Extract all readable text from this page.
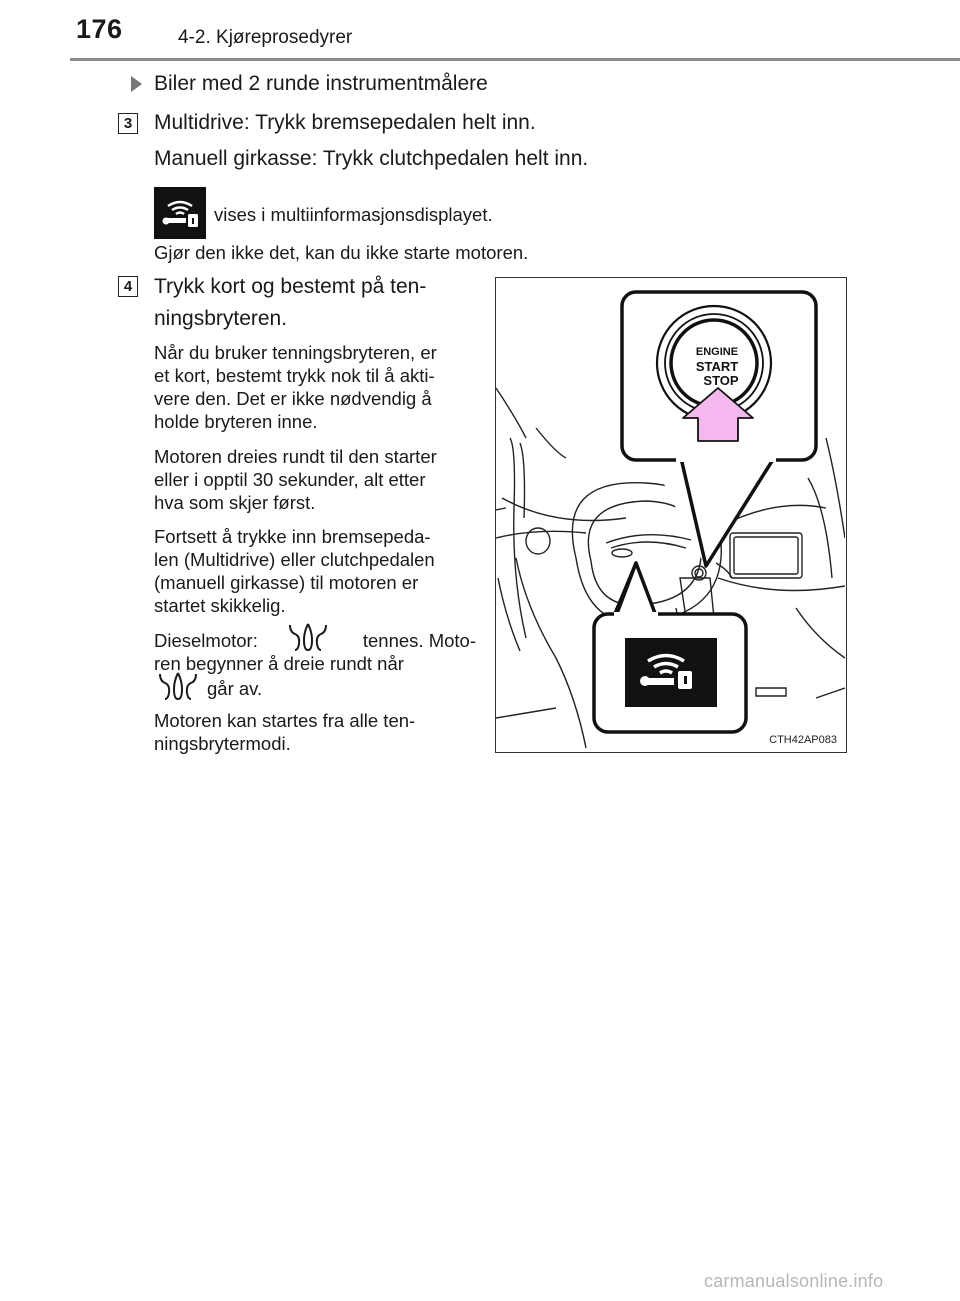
176	4-2. Kjøreprosedyrer
Biler med 2 runde instrumentmålere
3 Multidrive: Trykk bremsepedalen helt inn.
Manuell girkasse: Trykk clutchpedalen helt inn.
vises i multiinformasjonsdisplayet.
Gjør den ikke det, kan du ikke starte motoren.
4 Trykk kort og bestemt på ten-
ningsbryteren.
Når du bruker tenningsbryteren, er
et kort, bestemt trykk nok til å akti-
vere den. Det er ikke nødvendig å
holde bryteren inne.
Motoren dreies rundt til den starter
eller i opptil 30 sekunder, alt etter
hva som skjer først.
Fortsett å trykke inn bremsepeda-
len (Multidrive) eller clutchpedalen
(manuell girkasse) til motoren er
startet skikkelig.
Dieselmotor:	tennes. Moto-
ren begynner å dreie rundt når
går av.
Motoren kan startes fra alle ten-
ningsbrytermodi.
ENGINE
START
STOP
CTH42AP083
carmanualsonline.info
